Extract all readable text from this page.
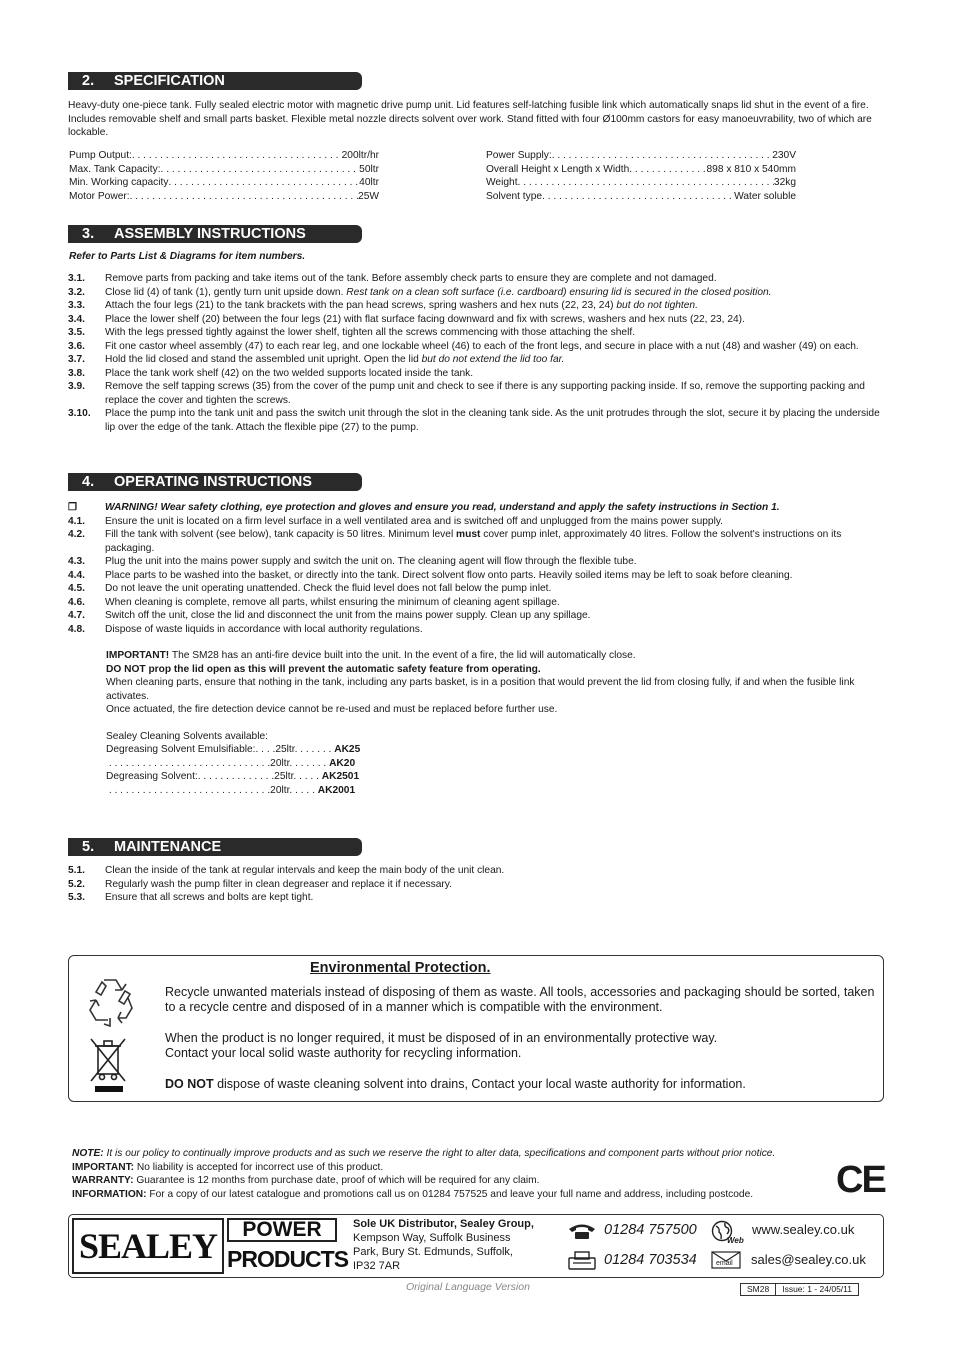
2. SPECIFICATION
Heavy-duty one-piece tank. Fully sealed electric motor with magnetic drive pump unit. Lid features self-latching fusible link which automatically snaps lid shut in the event of a fire. Includes removable shelf and small parts basket. Flexible metal nozzle directs solvent over work. Stand fitted with four Ø100mm castors for easy manoeuvrability, two of which are lockable.
Pump Output: . . .	200ltr/hr
Max. Tank Capacity: . . .	50ltr
Min. Working capacity . . .	40ltr
Motor Power: . . .	25W
Power Supply: . . .	230V
Overall Height x Length x Width . . .	898 x 810 x 540mm
Weight . . .	32kg
Solvent type . . .	Water soluble
3. ASSEMBLY INSTRUCTIONS
Refer to Parts List & Diagrams for item numbers.
3.1.	Remove parts from packing and take items out of the tank. Before assembly check parts to ensure they are complete and not damaged.
3.2.	Close lid (4) of tank (1), gently turn unit upside down. Rest tank on a clean soft surface (i.e. cardboard) ensuring lid is secured in the closed position.
3.3.	Attach the four legs (21) to the tank brackets with the pan head screws, spring washers and hex nuts (22, 23, 24) but do not tighten.
3.4.	Place the lower shelf (20) between the four legs (21) with flat surface facing downward and fix with screws, washers and hex nuts (22, 23, 24).
3.5.	With the legs pressed tightly against the lower shelf, tighten all the screws commencing with those attaching the shelf.
3.6.	Fit one castor wheel assembly (47) to each rear leg, and one lockable wheel (46) to each of the front legs, and secure in place with a nut (48) and washer (49) on each.
3.7.	Hold the lid closed and stand the assembled unit upright. Open the lid but do not extend the lid too far.
3.8.	Place the tank work shelf (42) on the two welded supports located inside the tank.
3.9.	Remove the self tapping screws (35) from the cover of the pump unit and check to see if there is any supporting packing inside. If so, remove the supporting packing and replace the cover and tighten the screws.
3.10.	Place the pump into the tank unit and pass the switch unit through the slot in the cleaning tank side. As the unit protrudes through the slot, secure it by placing the underside lip over the edge of the tank. Attach the flexible pipe (27) to the pump.
4. OPERATING INSTRUCTIONS
❒	WARNING! Wear safety clothing, eye protection and gloves and ensure you read, understand and apply the safety instructions in Section 1.
4.1.	Ensure the unit is located on a firm level surface in a well ventilated area and is switched off and unplugged from the mains power supply.
4.2.	Fill the tank with solvent (see below), tank capacity is 50 litres. Minimum level must cover pump inlet, approximately 40 litres. Follow the solvent's instructions on its packaging.
4.3.	Plug the unit into the mains power supply and switch the unit on. The cleaning agent will flow through the flexible tube.
4.4.	Place parts to be washed into the basket, or directly into the tank. Direct solvent flow onto parts. Heavily soiled items may be left to soak before cleaning.
4.5.	Do not leave the unit operating unattended. Check the fluid level does not fall below the pump inlet.
4.6.	When cleaning is complete, remove all parts, whilst ensuring the minimum of cleaning agent spillage.
4.7.	Switch off the unit, close the lid and disconnect the unit from the mains power supply. Clean up any spillage.
4.8.	Dispose of waste liquids in accordance with local authority regulations.
IMPORTANT! The SM28 has an anti-fire device built into the unit. In the event of a fire, the lid will automatically close.
DO NOT prop the lid open as this will prevent the automatic safety feature from operating.
When cleaning parts, ensure that nothing in the tank, including any parts basket, is in a position that would prevent the lid from closing fully, if and when the fusible link activates.
Once actuated, the fire detection device cannot be re-used and must be replaced before further use.
Sealey Cleaning Solvents available:
Degreasing Solvent Emulsifiable:. . . .25ltr. . . . . . . AK25
. . . . . . . . . . . . . . . . . . . . . . . . . . . . .20ltr. . . . . . . AK20
Degreasing Solvent:. . . . . . . . . . . . . .25ltr. . . . . AK2501
. . . . . . . . . . . . . . . . . . . . . . . . . . . . .20ltr. . . . . AK2001
5. MAINTENANCE
5.1.	Clean the inside of the tank at regular intervals and keep the main body of the unit clean.
5.2.	Regularly wash the pump filter in clean degreaser and replace it if necessary.
5.3.	Ensure that all screws and bolts are kept tight.
Environmental Protection.
Recycle unwanted materials instead of disposing of them as waste. All tools, accessories and packaging should be sorted, taken to a recycle centre and disposed of in a manner which is compatible with the environment.
When the product is no longer required, it must be disposed of in an environmentally protective way.
Contact your local solid waste authority for recycling information.
DO NOT dispose of waste cleaning solvent into drains, Contact your local waste authority for information.
NOTE: It is our policy to continually improve products and as such we reserve the right to alter data, specifications and component parts without prior notice.
IMPORTANT: No liability is accepted for incorrect use of this product.
WARRANTY: Guarantee is 12 months from purchase date, proof of which will be required for any claim.
INFORMATION: For a copy of our latest catalogue and promotions call us on 01284 757525 and leave your full name and address, including postcode.	CE
SEALEY	POWER
PRODUCTS
Sole UK Distributor, Sealey Group,
Kempson Way, Suffolk Business
Park, Bury St. Edmunds, Suffolk,
IP32 7AR
01284 757500
01284 703534
Web
www.sealey.co.uk
email sales@sealey.co.uk
Original Language Version	SM28	Issue: 1 - 24/05/11
